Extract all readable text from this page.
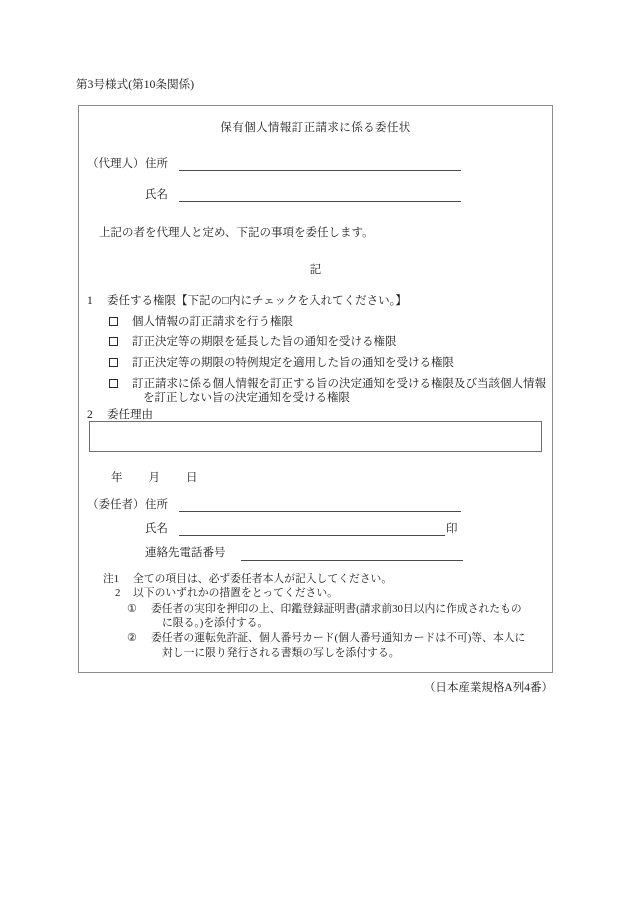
第3号様式(第10条関係)
保有個人情報訂正請求に係る委任状
（代理人） 住所
氏名
上記の者を代理人と定め、下記の事項を委任します。
記
1 委任する権限【下記の□内にチェックを入れてください。】
個人情報の訂正請求を行う権限
訂正決定等の期限を延長した旨の通知を受ける権限
訂正決定等の期限の特例規定を適用した旨の通知を受ける権限
訂正請求に係る個人情報を訂正する旨の決定通知を受ける権限及び当該個人情報
を訂正しない旨の決定通知を受ける権限
2 委任理由
年 月 日
（委任者） 住所
氏名	印
連絡先電話番号
注1	全ての項目は、必ず委任者本人が記入してください。
2	以下のいずれかの措置をとってください。
①	委任者の実印を押印の上、印鑑登録証明書(請求前30日以内に作成されたもの
に限る。)を添付する。
②	委任者の運転免許証、個人番号カード(個人番号通知カードは不可)等、本人に
対し一に限り発行される書類の写しを添付する。
（日本産業規格A列4番）
